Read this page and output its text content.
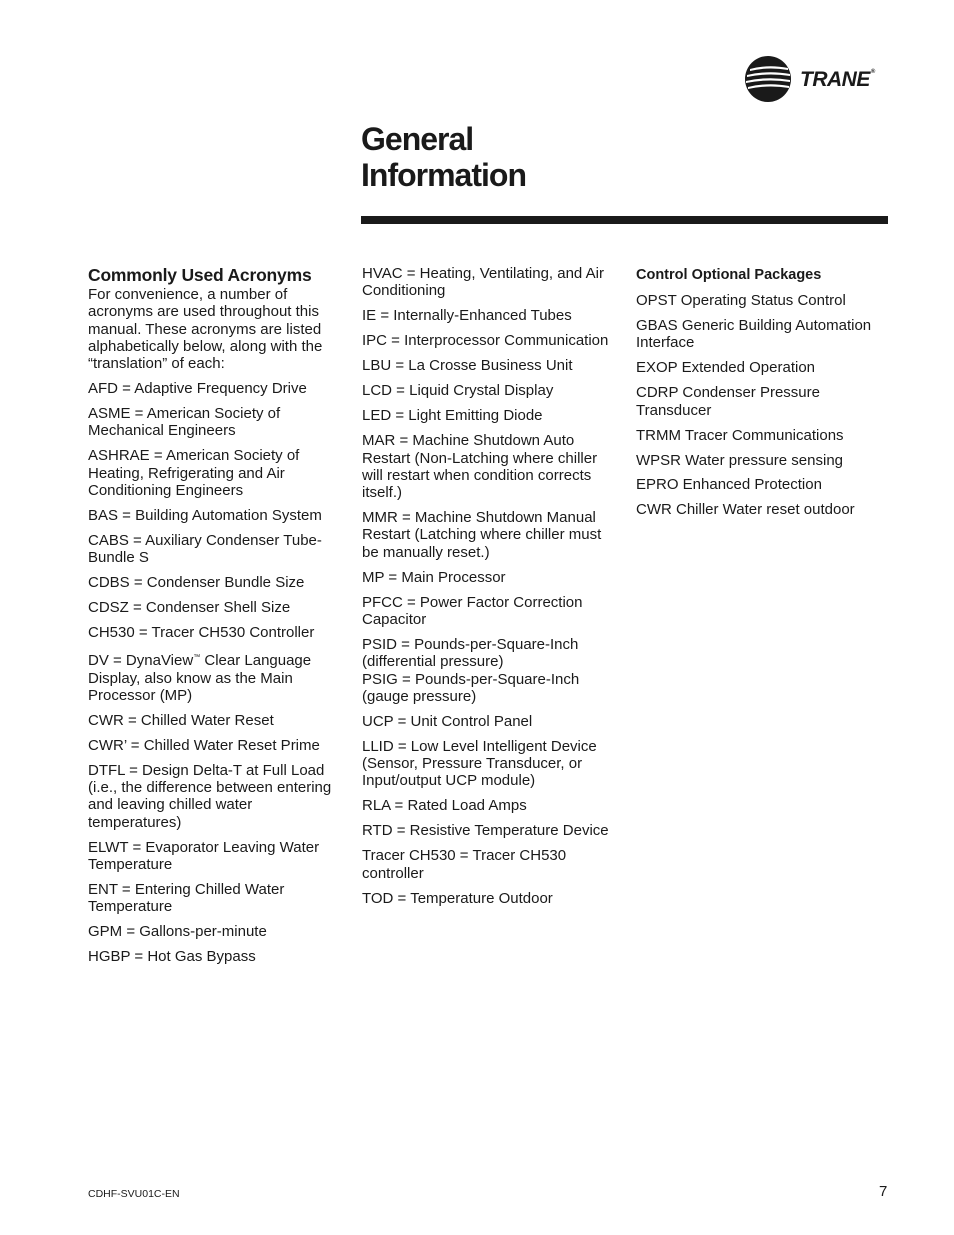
TRANE®
General
Information
Commonly Used Acronyms

For convenience, a number of acronyms are used throughout this manual. These acronyms are listed alphabetically below, along with the “translation” of each:

AFD = Adaptive Frequency Drive

ASME = American Society of Mechanical Engineers

ASHRAE = American Society of Heating, Refrigerating and Air Conditioning Engineers

BAS = Building Automation System

CABS = Auxiliary Condenser Tube-Bundle S

CDBS = Condenser Bundle Size

CDSZ = Condenser Shell Size

CH530 = Tracer CH530 Controller

DV = DynaView™ Clear Language Display, also know as the Main Processor (MP)

CWR = Chilled Water Reset

CWR’ = Chilled Water Reset Prime

DTFL = Design Delta-T at Full Load (i.e., the difference between entering and leaving chilled water temperatures)

ELWT = Evaporator Leaving Water Temperature

ENT = Entering Chilled Water Temperature

GPM = Gallons-per-minute

HGBP = Hot Gas Bypass

HVAC = Heating, Ventilating, and Air Conditioning

IE = Internally-Enhanced Tubes

IPC = Interprocessor Communication

LBU = La Crosse Business Unit

LCD = Liquid Crystal Display

LED = Light Emitting Diode

MAR = Machine Shutdown Auto Restart (Non-Latching where chiller will restart when condition corrects itself.)

MMR = Machine Shutdown Manual Restart (Latching where chiller must be manually reset.)

MP = Main Processor

PFCC = Power Factor Correction Capacitor

PSID = Pounds-per-Square-Inch (differential pressure)

PSIG = Pounds-per-Square-Inch (gauge pressure)

UCP = Unit Control Panel

LLID = Low Level Intelligent Device (Sensor, Pressure Transducer, or Input/output UCP module)

RLA = Rated Load Amps

RTD = Resistive Temperature Device

Tracer CH530 = Tracer CH530 controller

TOD = Temperature Outdoor

Control Optional Packages

OPST Operating Status Control

GBAS Generic Building Automation Interface

EXOP Extended Operation

CDRP Condenser Pressure Transducer

TRMM Tracer Communications

WPSR Water pressure sensing

EPRO Enhanced Protection

CWR Chiller Water reset outdoor

CDHF-SVU01C-EN	7
